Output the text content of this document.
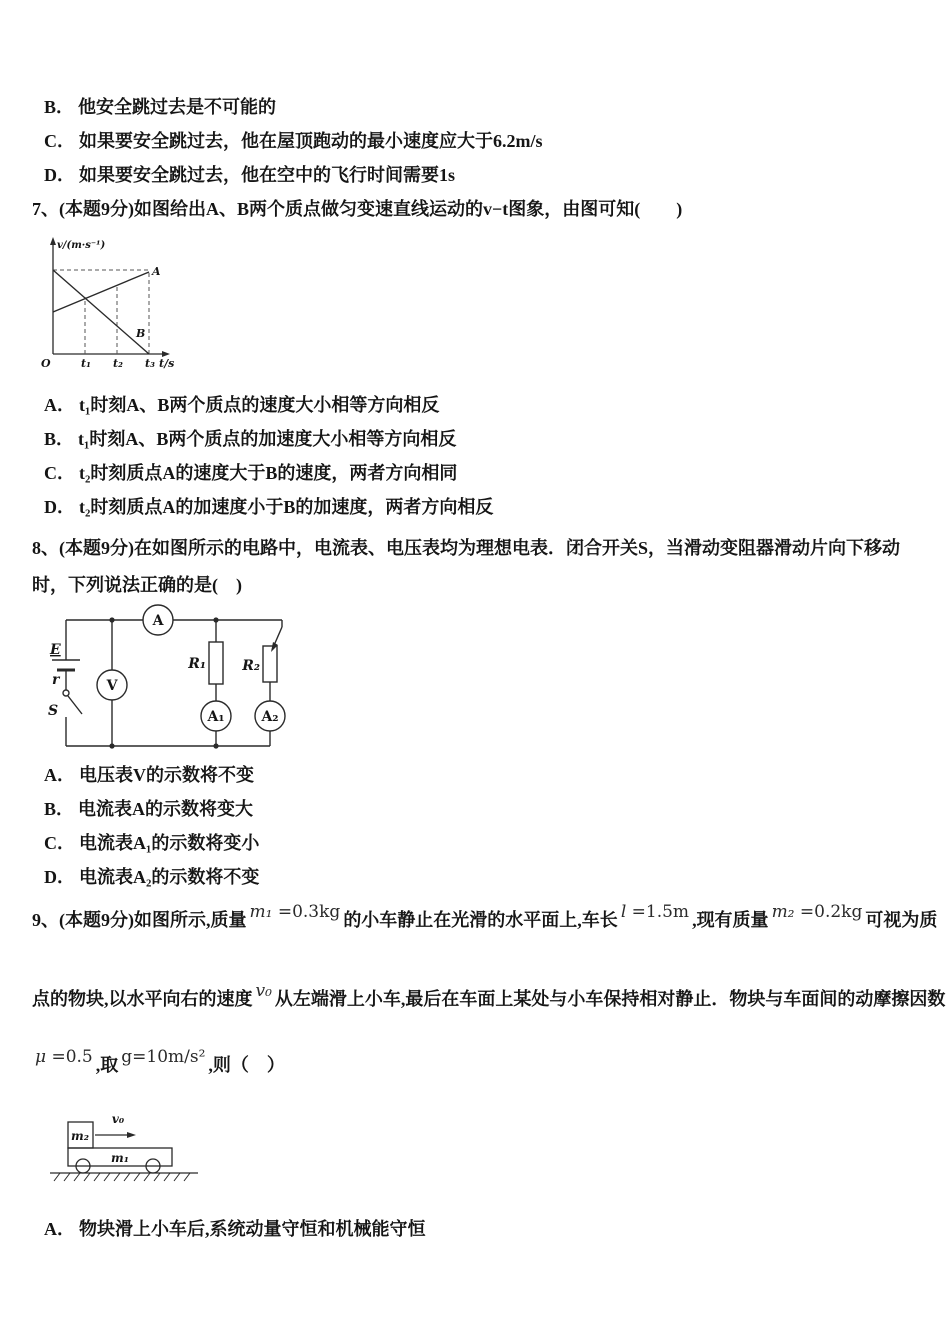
B． 他安全跳过去是不可能的
C． 如果要安全跳过去，他在屋顶跑动的最小速度应大于6.2m/s
D． 如果要安全跳过去，他在空中的飞行时间需要1s

7、(本题9分)如图给出A、B两个质点做匀变速直线运动的v−t图象，由图可知(　　)

v/(m·s⁻¹)
A
B
O	t₁ t₂ t₃ t/s
A． t₁时刻A、B两个质点的速度大小相等方向相反
B． t₁时刻A、B两个质点的加速度大小相等方向相反
C． t₂时刻质点A的速度大于B的速度，两者方向相同
D． t₂时刻质点A的加速度小于B的加速度，两者方向相反

8、(本题9分)在如图所示的电路中，电流表、电压表均为理想电表．闭合开关S，当滑动变阻器滑动片向下移动时，下列说法正确的是(　)

E
r
S
A
V
R₁	R₂
A₁	A₂
A． 电压表V的示数将不变
B． 电流表A的示数将变大
C． 电流表A₁的示数将变小
D． 电流表A₂的示数将不变

9、(本题9分)如图所示,质量 m₁ =0.3kg 的小车静止在光滑的水平面上,车长 l =1.5m ,现有质量 m₂ =0.2kg 可视为质

点的物块,以水平向右的速度 v₀ 从左端滑上小车,最后在车面上某处与小车保持相对静止．物块与车面间的动摩擦因数

μ =0.5 ,取 g=10m/s² ,则（　）

m₂
m₁
v₀
A． 物块滑上小车后,系统动量守恒和机械能守恒
